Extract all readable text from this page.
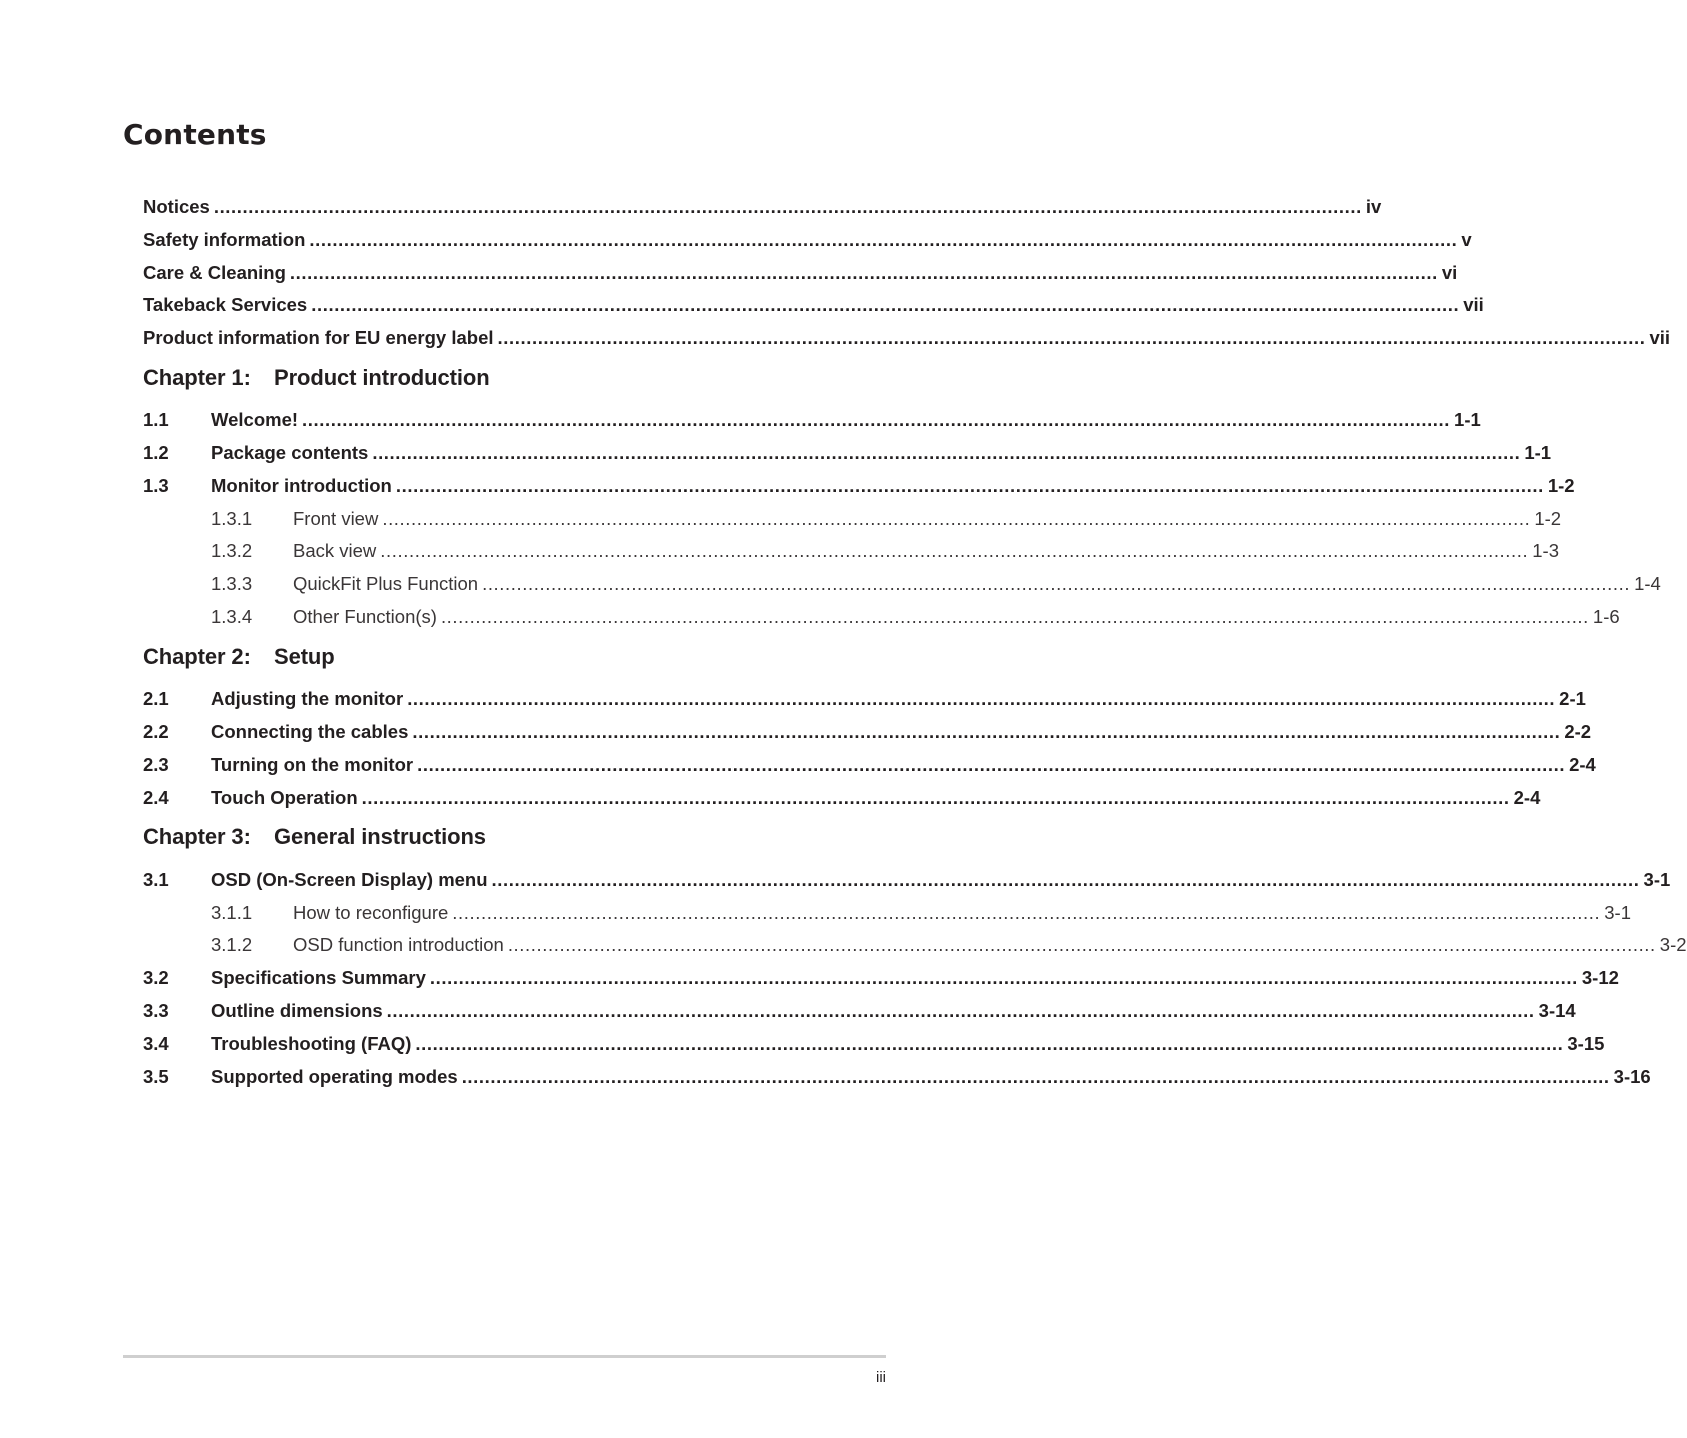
Contents
Notices ........................................................................................................................................................................................................ iv
Safety information ........................................................................................................................................................................................................ v
Care & Cleaning ........................................................................................................................................................................................................ vi
Takeback Services ........................................................................................................................................................................................................ vii
Product information for EU energy label ........................................................................................................................................................................................................ vii
Chapter 1: Product introduction
1.1 Welcome! ........................................................................................................................................................................................................ 1-1
1.2 Package contents ........................................................................................................................................................................................................ 1-1
1.3 Monitor introduction ........................................................................................................................................................................................................ 1-2
1.3.1 Front view ........................................................................................................................................................................................................ 1-2
1.3.2 Back view ........................................................................................................................................................................................................ 1-3
1.3.3 QuickFit Plus Function ........................................................................................................................................................................................................ 1-4
1.3.4 Other Function(s) ........................................................................................................................................................................................................ 1-6
Chapter 2: Setup
2.1 Adjusting the monitor ........................................................................................................................................................................................................ 2-1
2.2 Connecting the cables ........................................................................................................................................................................................................ 2-2
2.3 Turning on the monitor ........................................................................................................................................................................................................ 2-4
2.4 Touch Operation ........................................................................................................................................................................................................ 2-4
Chapter 3: General instructions
3.1 OSD (On-Screen Display) menu ........................................................................................................................................................................................................ 3-1
3.1.1 How to reconfigure ........................................................................................................................................................................................................ 3-1
3.1.2 OSD function introduction ........................................................................................................................................................................................................ 3-2
3.2 Specifications Summary ........................................................................................................................................................................................................ 3-12
3.3 Outline dimensions ........................................................................................................................................................................................................ 3-14
3.4 Troubleshooting (FAQ) ........................................................................................................................................................................................................ 3-15
3.5 Supported operating modes ........................................................................................................................................................................................................ 3-16
iii
